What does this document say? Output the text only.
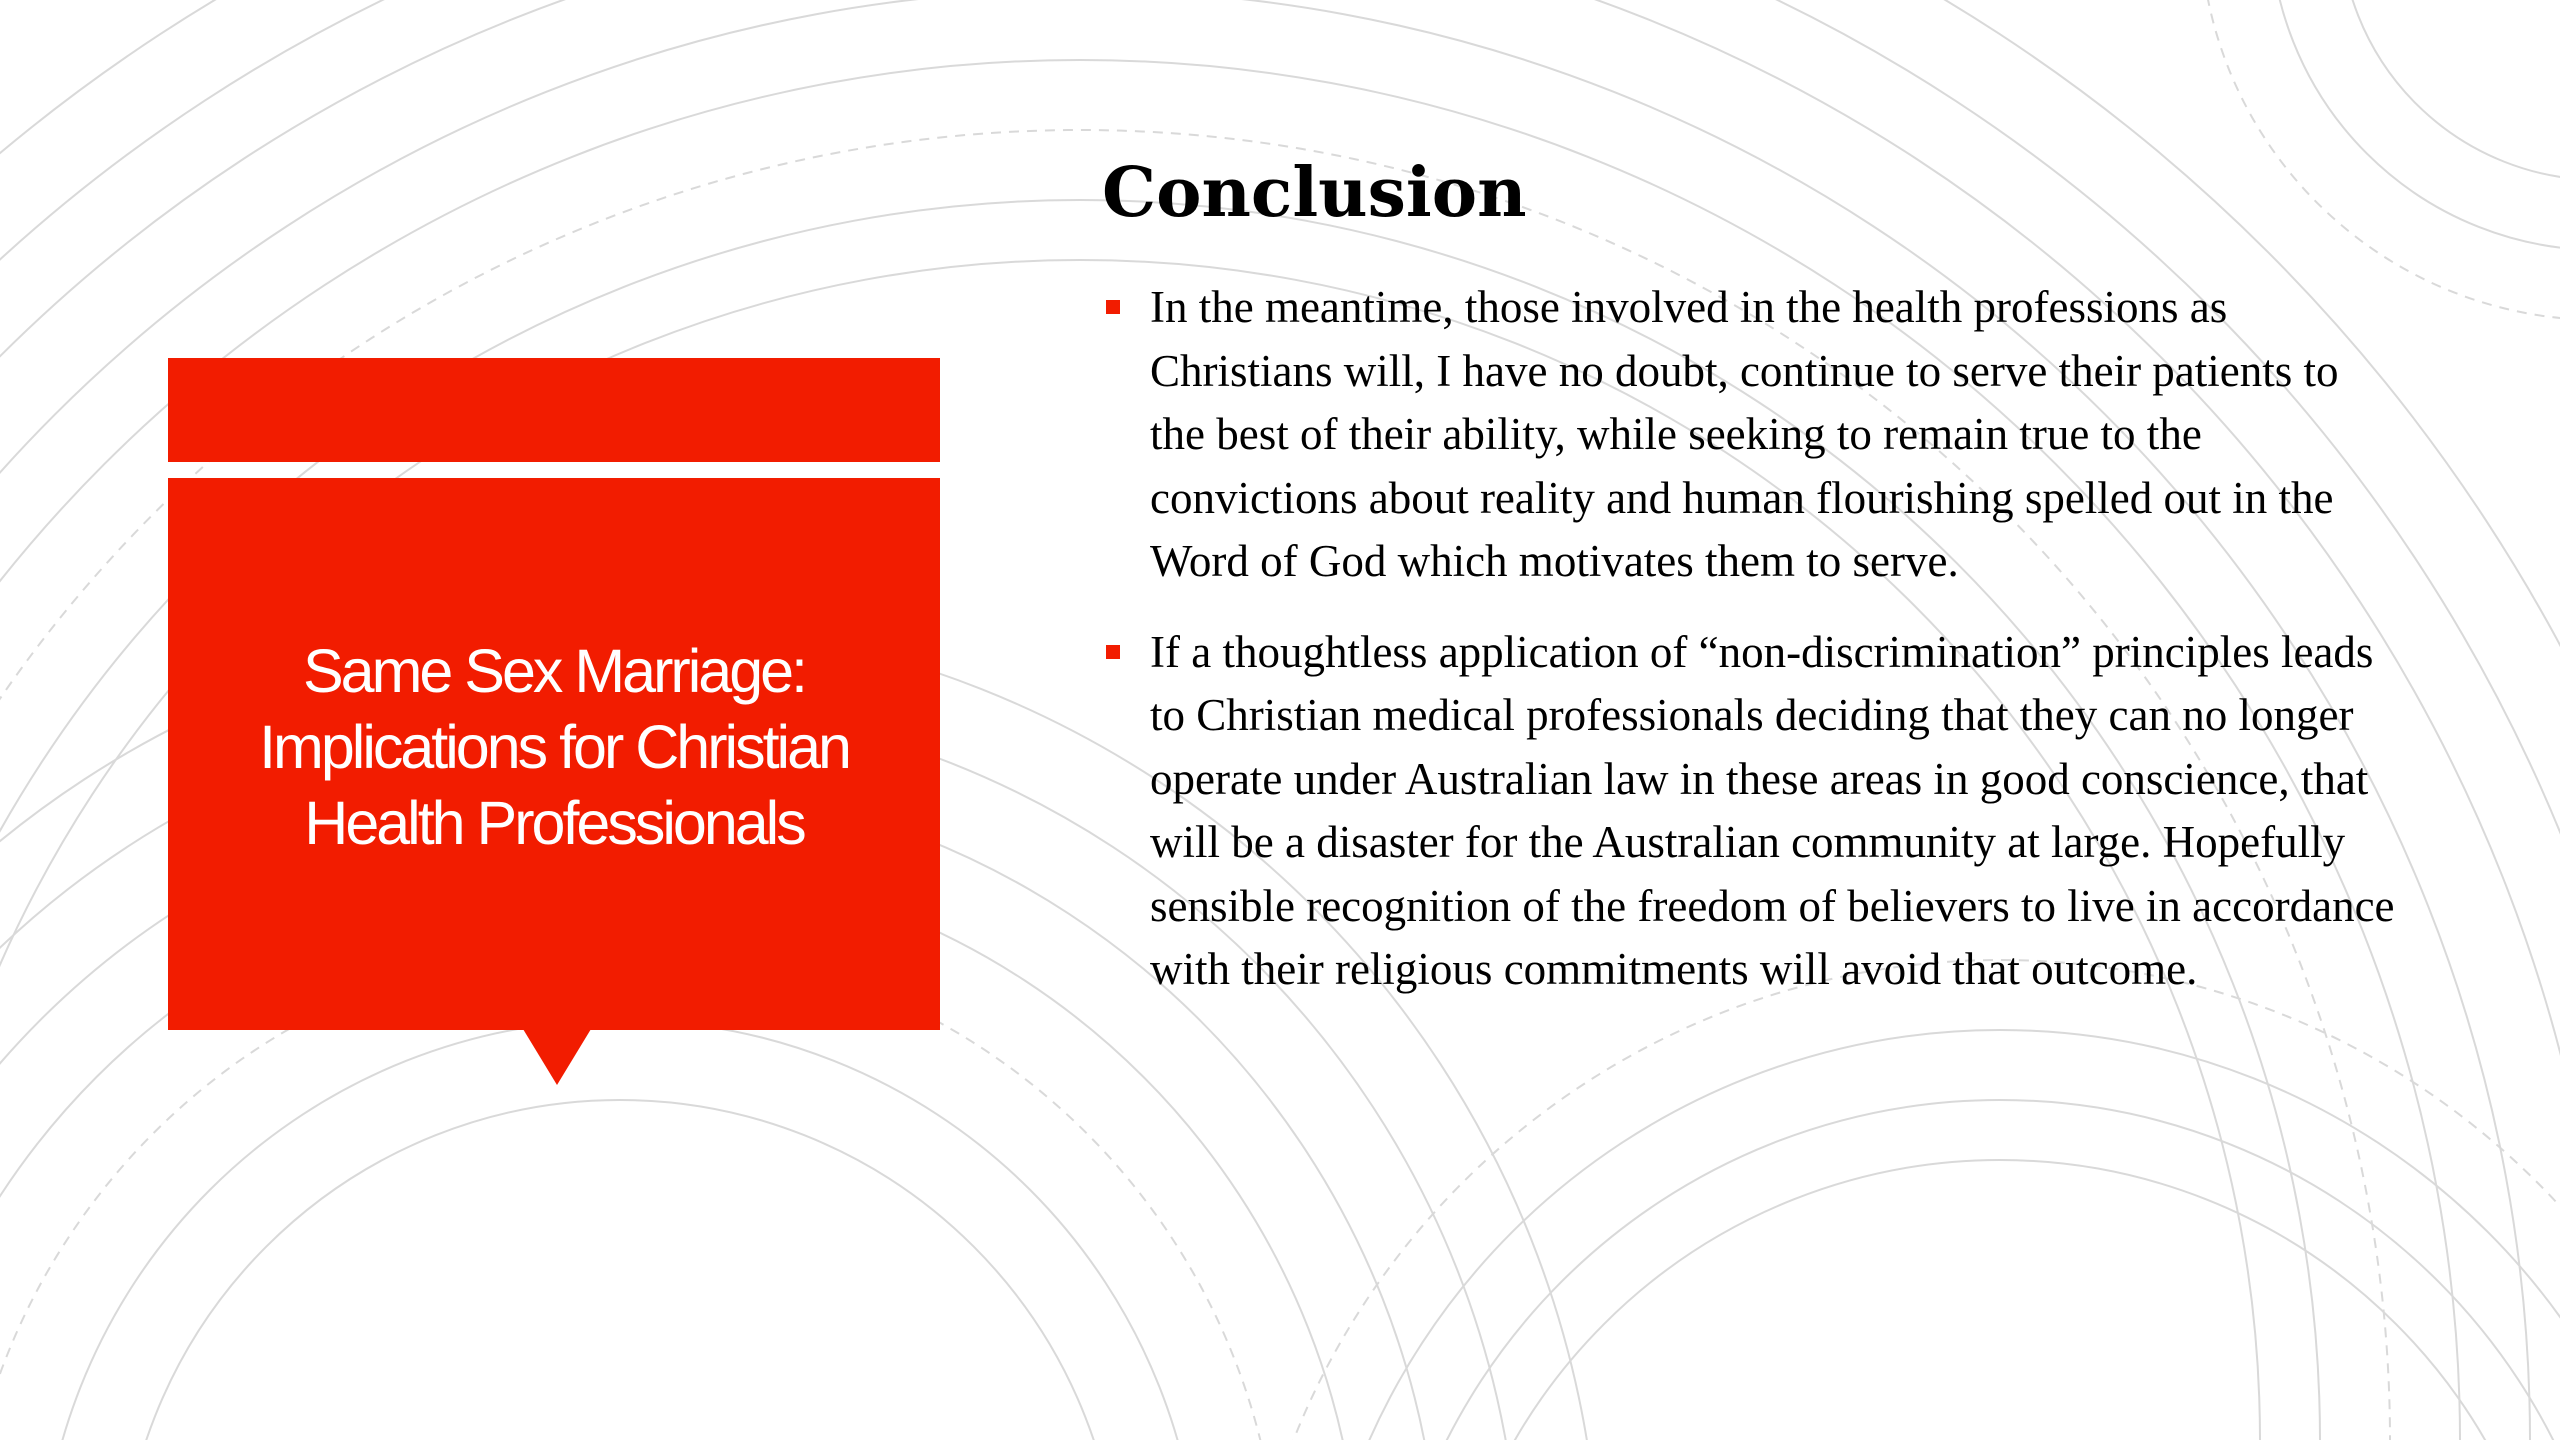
Same Sex Marriage: Implications for Christian Health Professionals
Conclusion
In the meantime, those involved in the health professions as Christians will, I have no doubt, continue to serve their patients to the best of their ability, while seeking to remain true to the convictions about reality and human flourishing spelled out in the Word of God which motivates them to serve.
If a thoughtless application of “non-discrimination” principles leads to Christian medical professionals deciding that they can no longer operate under Australian law in these areas in good conscience, that will be a disaster for the Australian community at large. Hopefully sensible recognition of the freedom of believers to live in accordance with their religious commitments will avoid that outcome.
